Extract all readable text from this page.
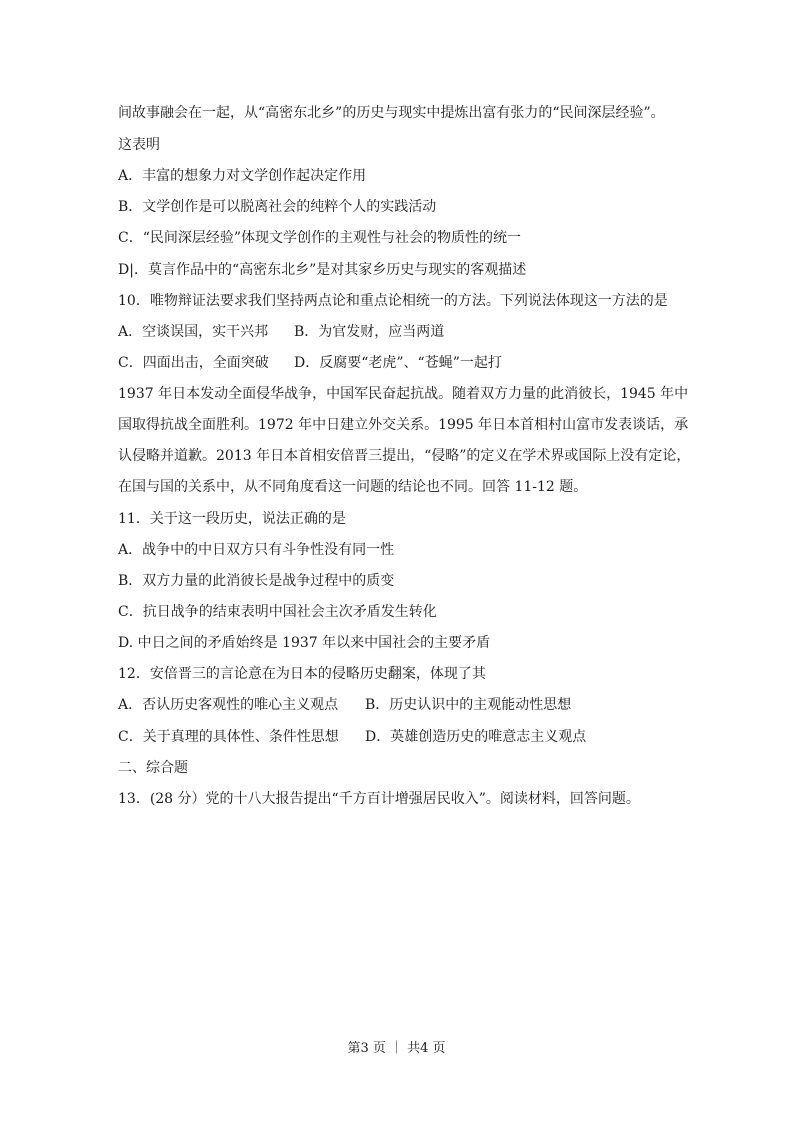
间故事融会在一起，从“高密东北乡”的历史与现实中提炼出富有张力的“民间深层经验”。
这表明
A．丰富的想象力对文学创作起决定作用
B．文学创作是可以脱离社会的纯粹个人的实践活动
C．“民间深层经验”体现文学创作的主观性与社会的物质性的统一
D|．莫言作品中的“高密东北乡”是对其家乡历史与现实的客观描述
10．唯物辩证法要求我们坚持两点论和重点论相统一的方法。下列说法体现这一方法的是
A．空谈误国，实干兴邦 B．为官发财，应当两道
C．四面出击，全面突破 D．反腐要“老虎”、“苍蝇”一起打
1937 年日本发动全面侵华战争，中国军民奋起抗战。随着双方力量的此消彼长，1945 年中
国取得抗战全面胜利。1972 年中日建立外交关系。1995 年日本首相村山富市发表谈话，承
认侵略并道歉。2013 年日本首相安倍晋三提出，“侵略”的定义在学术界或国际上没有定论，
在国与国的关系中，从不同角度看这一问题的结论也不同。回答 11-12 题。
11．关于这一段历史，说法正确的是
A．战争中的中日双方只有斗争性没有同一性
B．双方力量的此消彼长是战争过程中的质变
C．抗日战争的结束表明中国社会主次矛盾发生转化
D. 中日之间的矛盾始终是 1937 年以来中国社会的主要矛盾
12．安倍晋三的言论意在为日本的侵略历史翻案，体现了其
A．否认历史客观性的唯心主义观点 B．历史认识中的主观能动性思想
C．关于真理的具体性、条件性思想 D．英雄创造历史的唯意志主义观点
二、综合题
13．(28 分）党的十八大报告提出“千方百计增强居民收入”。阅读材料，回答问题。
第3 页 ｜ 共4 页
